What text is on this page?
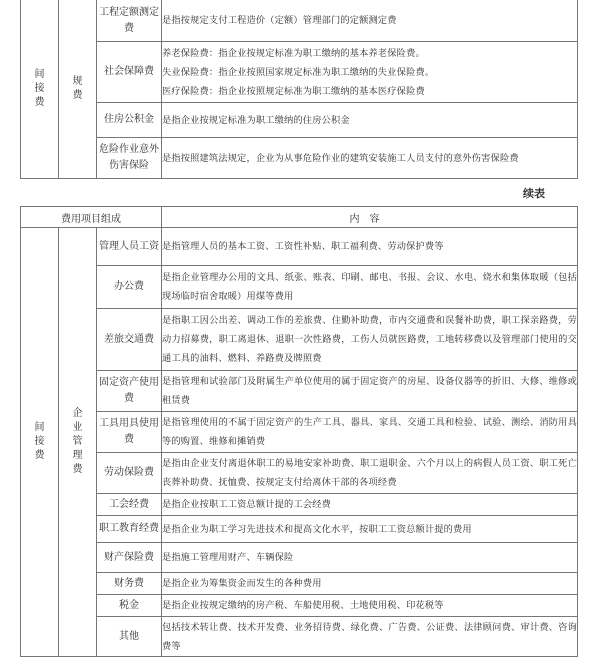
间接费	规费	工程定额测定费	是指按规定支付工程造价（定额）管理部门的定额测定费
		社会保障费	养老保险费：指企业按规定标准为职工缴纳的基本养老保险费。
失业保险费：指企业按照国家规定标准为职工缴纳的失业保险费。
医疗保险费：指企业按照规定标准为职工缴纳的基本医疗保险费

		住房公积金	是指企业按规定标准为职工缴纳的住房公积金
		危险作业意外伤害保险	是指按照建筑法规定，企业为从事危险作业的建筑安装施工人员支付的意外伤害保险费
续表
费用项目组成			内容

间接费	企业管理费	管理人员工资	是指管理人员的基本工资、工资性补贴、职工福利费、劳动保护费等
		办公费	是指企业管理办公用的文具、纸张、账表、印刷、邮电、书报、会议、水电、烧水和集体取暖（包括现场临时宿舍取暖）用煤等费用
		差旅交通费	是指职工因公出差、调动工作的差旅费、住勤补助费，市内交通费和误餐补助费，职工探亲路费，劳动力招募费，职工离退休、退职一次性路费，工伤人员就医路费，工地转移费以及管理部门使用的交通工具的油料、燃料、养路费及牌照费
		固定资产使用费	是指管理和试验部门及附属生产单位使用的属于固定资产的房屋、设备仪器等的折旧、大修、维修或租赁费
		工具用具使用费	是指管理使用的不属于固定资产的生产工具、器具、家具、交通工具和检验、试验、测绘、消防用具等的购置、维修和摊销费
		劳动保险费	是指由企业支付离退休职工的易地安家补助费、职工退职金、六个月以上的病假人员工资、职工死亡丧葬补助费、抚恤费、按规定支付给离休干部的各项经费
		工会经费	是指企业按职工工资总额计提的工会经费
		职工教育经费	是指企业为职工学习先进技术和提高文化水平，按职工工资总额计提的费用
		财产保险费	是指施工管理用财产、车辆保险
		财务费	是指企业为筹集资金而发生的各种费用
		税金	是指企业按规定缴纳的房产税、车船使用税、土地使用税、印花税等
		其他	包括技术转让费、技术开发费、业务招待费、绿化费、广告费、公证费、法律顾问费、审计费、咨询费等
